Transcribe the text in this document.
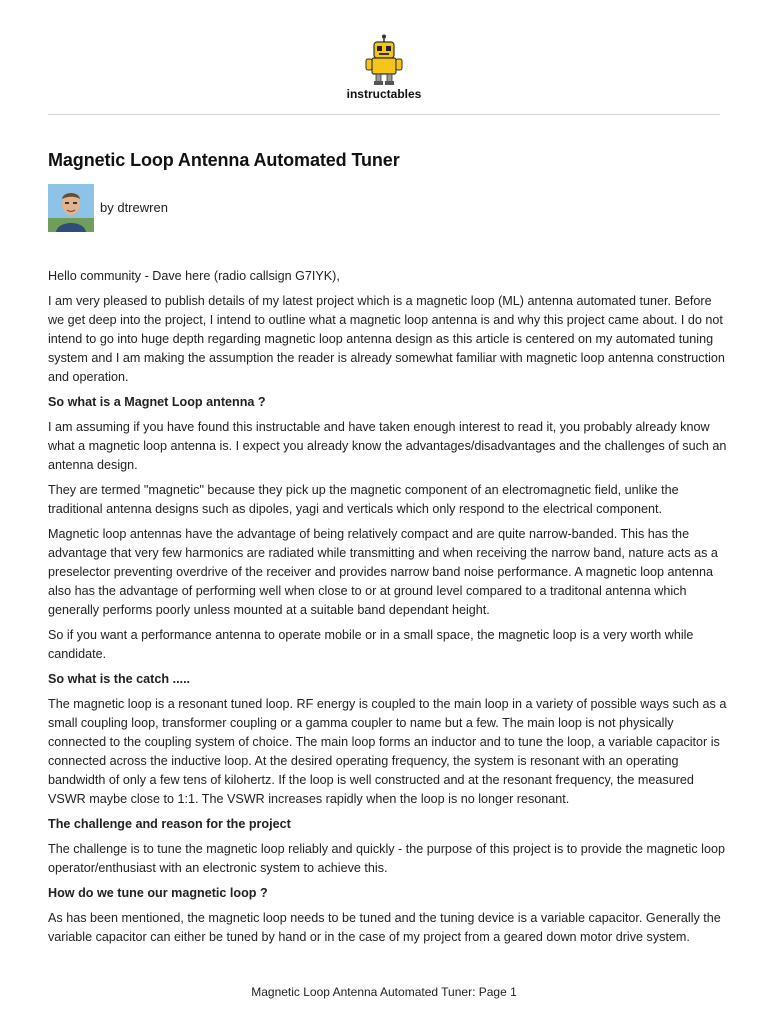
instructables
Magnetic Loop Antenna Automated Tuner
by dtrewren

Hello community - Dave here (radio callsign G7IYK),

I am very pleased to publish details of my latest project which is a magnetic loop (ML) antenna automated tuner. Before we get deep into the project, I intend to outline what a magnetic loop antenna is and why this project came about. I do not intend to go into huge depth regarding magnetic loop antenna design as this article is centered on my automated tuning system and I am making the assumption the reader is already somewhat familiar with magnetic loop antenna construction and operation.

So what is a Magnet Loop antenna ?

I am assuming if you have found this instructable and have taken enough interest to read it, you probably already know what a magnetic loop antenna is. I expect you already know the advantages/disadvantages and the challenges of such an antenna design.

They are termed "magnetic" because they pick up the magnetic component of an electromagnetic field, unlike the traditional antenna designs such as dipoles, yagi and verticals which only respond to the electrical component.

Magnetic loop antennas have the advantage of being relatively compact and are quite narrow-banded. This has the advantage that very few harmonics are radiated while transmitting and when receiving the narrow band, nature acts as a preselector preventing overdrive of the receiver and provides narrow band noise performance. A magnetic loop antenna also has the advantage of performing well when close to or at ground level compared to a traditonal antenna which generally performs poorly unless mounted at a suitable band dependant height.

So if you want a performance antenna to operate mobile or in a small space, the magnetic loop is a very worth while candidate.

So what is the catch .....

The magnetic loop is a resonant tuned loop. RF energy is coupled to the main loop in a variety of possible ways such as a small coupling loop, transformer coupling or a gamma coupler to name but a few. The main loop is not physically connected to the coupling system of choice. The main loop forms an inductor and to tune the loop, a variable capacitor is connected across the inductive loop. At the desired operating frequency, the system is resonant with an operating bandwidth of only a few tens of kilohertz. If the loop is well constructed and at the resonant frequency, the measured VSWR maybe close to 1:1. The VSWR increases rapidly when the loop is no longer resonant.

The challenge and reason for the project

The challenge is to tune the magnetic loop reliably and quickly - the purpose of this project is to provide the magnetic loop operator/enthusiast with an electronic system to achieve this.

How do we tune our magnetic loop ?

As has been mentioned, the magnetic loop needs to be tuned and the tuning device is a variable capacitor. Generally the variable capacitor can either be tuned by hand or in the case of my project from a geared down motor drive system.

Magnetic Loop Antenna Automated Tuner: Page 1
